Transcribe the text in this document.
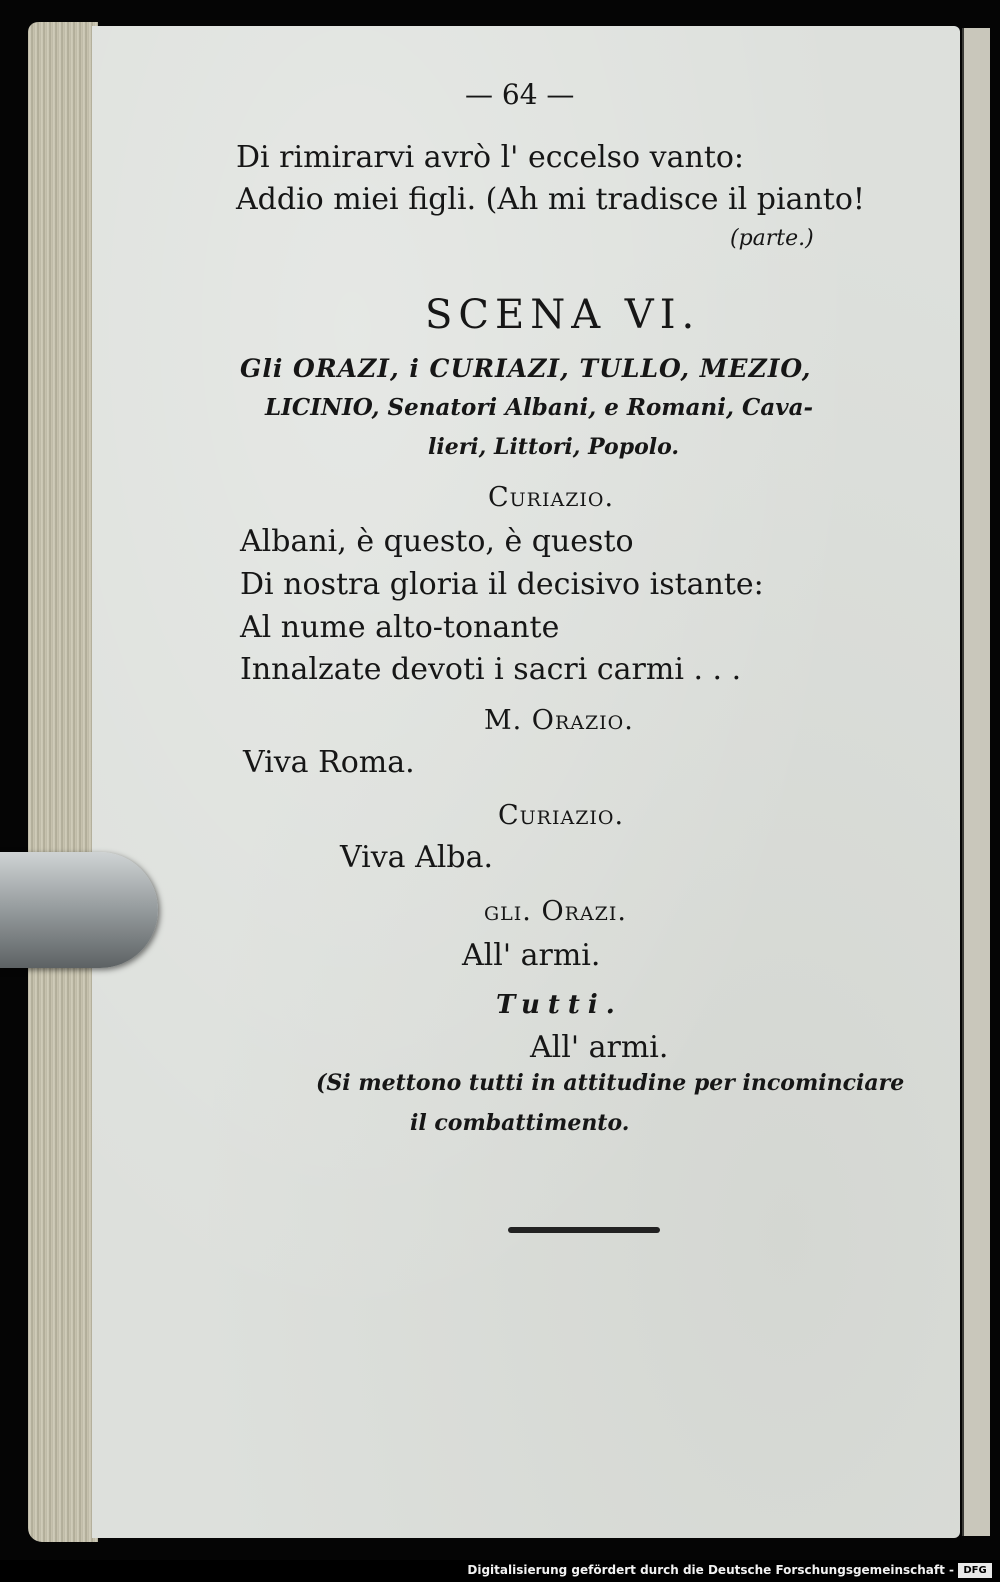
— 64 —

Di rimirarvi avrò l' eccelso vanto:

Addio miei figli. (Ah mi tradisce il pianto!

(parte.)

SCENA VI.

Gli ORAZI, i CURIAZI, TULLO, MEZIO,

LICINIO, Senatori Albani, e Romani, Cava-

lieri, Littori, Popolo.

Curiazio.

Albani, è questo, è questo

Di nostra gloria il decisivo istante:

Al nume alto-tonante

Innalzate devoti i sacri carmi . . .

M. Orazio.

Viva Roma.

Curiazio.

Viva Alba.

gli. Orazi.

All' armi.

Tutti.

All' armi.

(Si mettono tutti in attitudine per incominciare

il combattimento.

Digitalisierung gefördert durch die Deutsche Forschungsgemeinschaft - DFG
